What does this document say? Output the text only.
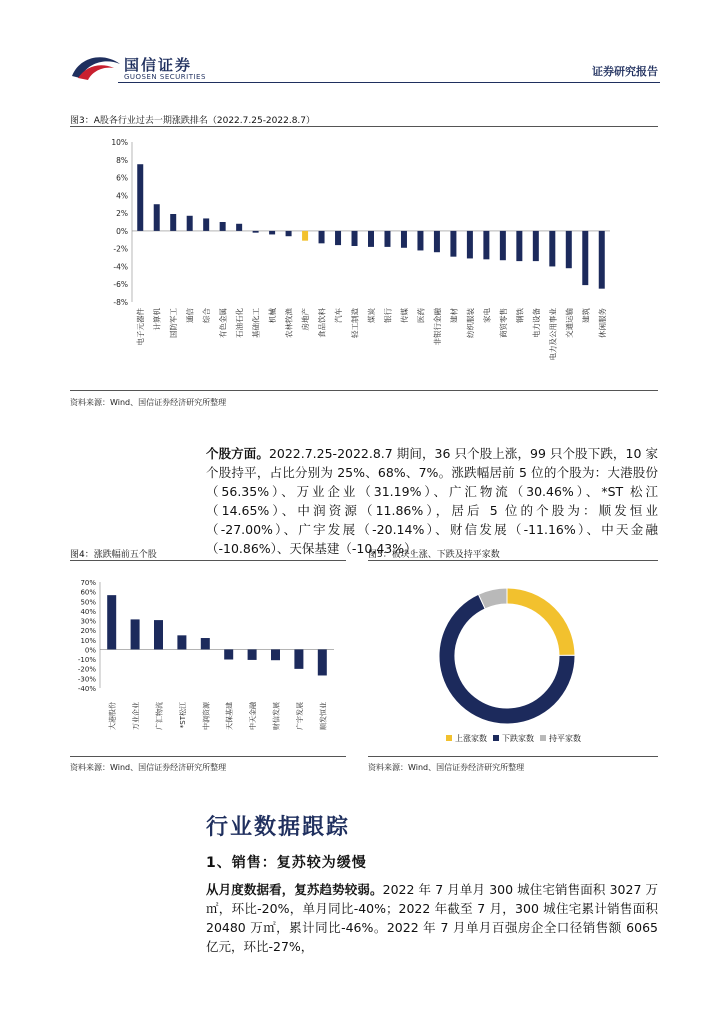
国信证券
GUOSEN SECURITIES	证券研究报告
图3：A股各行业过去一期涨跌排名（2022.7.25-2022.8.7）
10%
8%
6%
4%
2%
0%
-2%
-4%
-6%
-8%
电子元器件 计算机 国防军工 通信 综合 有色金属 石油石化 基础化工 机械 农林牧渔 房地产 食品饮料 汽车 轻工制造 煤炭 银行 传媒 医药 非银行金融 建材 纺织服装 家电 商贸零售 钢铁 电力设备 电力及公用事业 交通运输 建筑 休闲服务
资料来源：Wind、国信证券经济研究所整理
个股方面。2022.7.25-2022.8.7 期间，36 只个股上涨，99 只个股下跌，10 家个股持平，占比分别为 25%、68%、7%。涨跌幅居前 5 位的个股为：大港股份（56.35%）、万业企业（31.19%）、广汇物流（30.46%）、*ST 松江（14.65%）、中润资源（11.86%），居后 5 位的个股为：顺发恒业（-27.00%）、广宇发展（-20.14%）、财信发展（-11.16%）、中天金融（-10.86%）、天保基建（-10.43%）。
图4：涨跌幅前五个股
70%
60%
50%
40%
30%
20%
10%
0%
-10%
-20%
-30%
-40%
大港股份 万业企业 广汇物流 *ST松江 中润资源 天保基建 中天金融 财信发展 广宇发展 顺发恒业
资料来源：Wind、国信证券经济研究所整理
图5：板块上涨、下跌及持平家数
上涨家数 下跌家数 持平家数
资料来源：Wind、国信证券经济研究所整理
行业数据跟踪
1、销售：复苏较为缓慢
从月度数据看，复苏趋势较弱。2022 年 7 月单月 300 城住宅销售面积 3027 万㎡，环比-20%，单月同比-40%；2022 年截至 7 月，300 城住宅累计销售面积 20480 万㎡，累计同比-46%。2022 年 7 月单月百强房企全口径销售额 6065 亿元，环比-27%，
